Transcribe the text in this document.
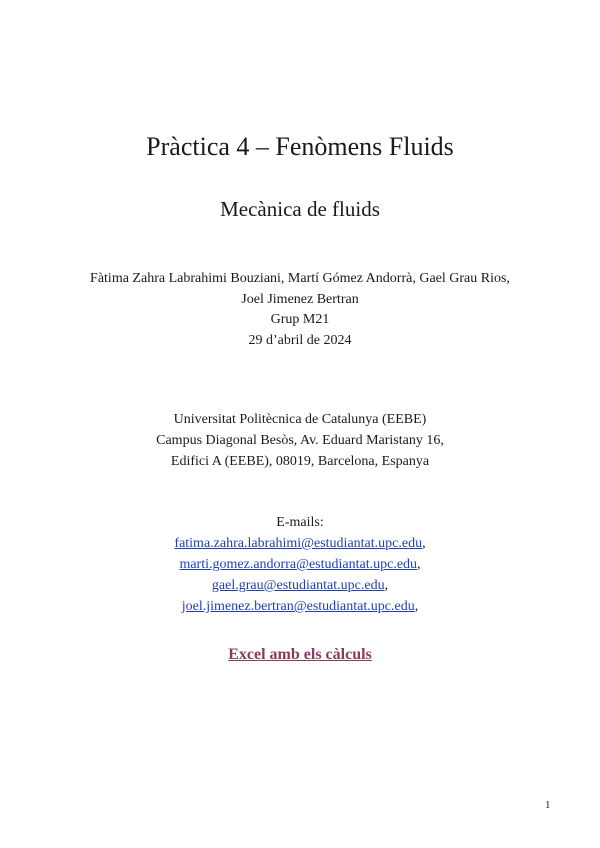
Pràctica 4 – Fenòmens Fluids
Mecànica de fluids
Fàtima Zahra Labrahimi Bouziani, Martí Gómez Andorrà, Gael Grau Rios, Joel Jimenez Bertran
Grup M21
29 d’abril de 2024
Universitat Politècnica de Catalunya (EEBE)
Campus Diagonal Besòs, Av. Eduard Maristany 16,
Edifici A (EEBE), 08019, Barcelona, Espanya
E-mails:
fatima.zahra.labrahimi@estudiantat.upc.edu,
marti.gomez.andorra@estudiantat.upc.edu,
gael.grau@estudiantat.upc.edu,
joel.jimenez.bertran@estudiantat.upc.edu,
Excel amb els càlculs
1
